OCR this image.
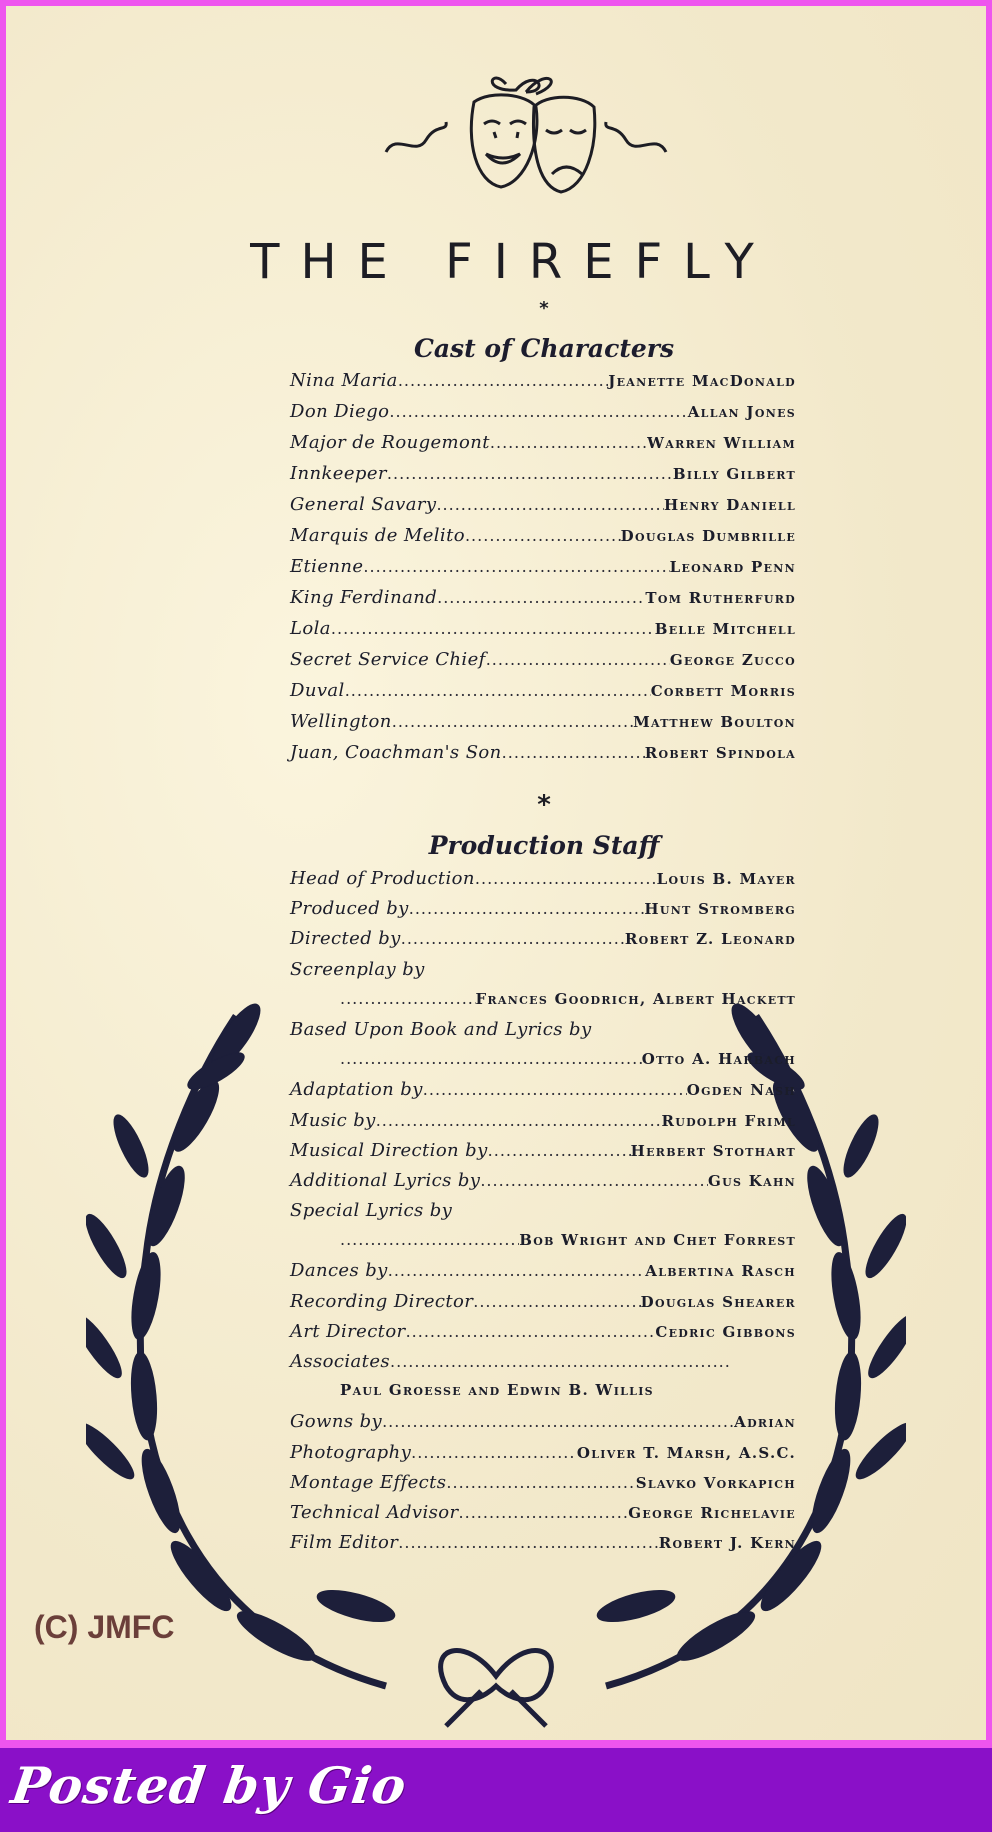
THE FIREFLY
*
Cast of Characters
Nina Maria .....	Jeanette MacDonald
Don Diego .....	Allan Jones
Major de Rougemont .....	Warren William
Innkeeper .....	Billy Gilbert
General Savary .....	Henry Daniell
Marquis de Melito .....	Douglas Dumbrille
Etienne .....	Leonard Penn
King Ferdinand .....	Tom Rutherfurd
Lola .....	Belle Mitchell
Secret Service Chief .....	George Zucco
Duval .....	Corbett Morris
Wellington .....	Matthew Boulton
Juan, Coachman's Son .....	Robert Spindola
*
Production Staff
Head of Production .....	Louis B. Mayer
Produced by .....	Hunt Stromberg
Directed by .....	Robert Z. Leonard
Screenplay by
.....
Frances Goodrich, Albert Hackett
Based Upon Book and Lyrics by
.....
Otto A. Harbach
Adaptation by .....	Ogden Nash
Music by .....	Rudolph Friml
Musical Direction by .....	Herbert Stothart
Additional Lyrics by .....	Gus Kahn
Special Lyrics by
.....
Bob Wright and Chet Forrest
Dances by .....	Albertina Rasch
Recording Director .....	Douglas Shearer
Art Director .....	Cedric Gibbons
Associates
.....
Paul Groesse and Edwin B. Willis
Gowns by .....	Adrian
Photography .....	Oliver T. Marsh, A.S.C.
Montage Effects .....	Slavko Vorkapich
Technical Advisor .....	George Richelavie
Film Editor .....	Robert J. Kern
(C) JMFC
Posted by Gio
